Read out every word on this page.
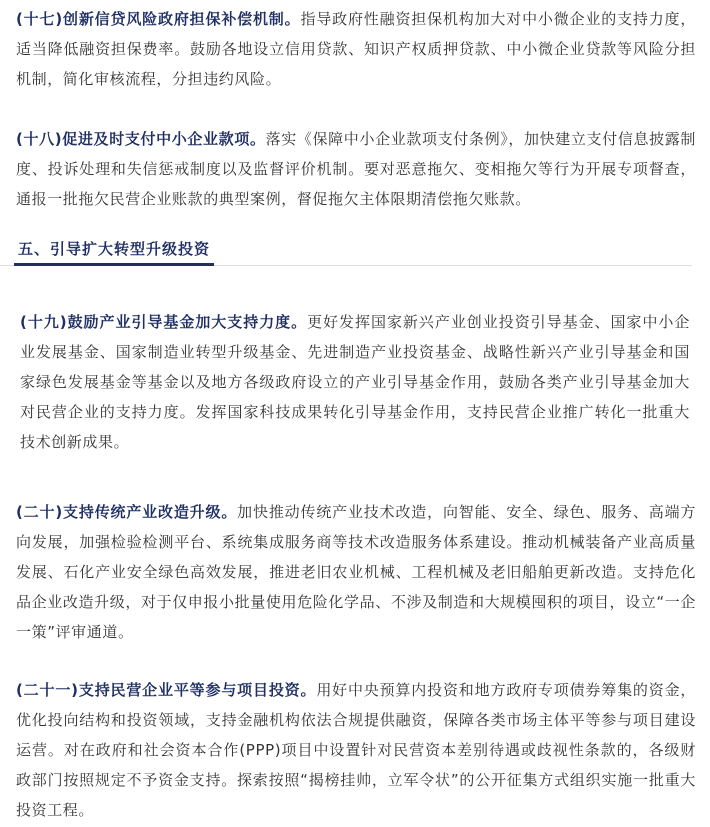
(十七)创新信贷风险政府担保补偿机制。指导政府性融资担保机构加大对中小微企业的支持力度，适当降低融资担保费率。鼓励各地设立信用贷款、知识产权质押贷款、中小微企业贷款等风险分担机制，简化审核流程，分担违约风险。

(十八)促进及时支付中小企业款项。落实《保障中小企业款项支付条例》，加快建立支付信息披露制度、投诉处理和失信惩戒制度以及监督评价机制。要对恶意拖欠、变相拖欠等行为开展专项督查，通报一批拖欠民营企业账款的典型案例，督促拖欠主体限期清偿拖欠账款。

五、引导扩大转型升级投资

(十九)鼓励产业引导基金加大支持力度。更好发挥国家新兴产业创业投资引导基金、国家中小企业发展基金、国家制造业转型升级基金、先进制造产业投资基金、战略性新兴产业引导基金和国家绿色发展基金等基金以及地方各级政府设立的产业引导基金作用，鼓励各类产业引导基金加大对民营企业的支持力度。发挥国家科技成果转化引导基金作用，支持民营企业推广转化一批重大技术创新成果。

(二十)支持传统产业改造升级。加快推动传统产业技术改造，向智能、安全、绿色、服务、高端方向发展，加强检验检测平台、系统集成服务商等技术改造服务体系建设。推动机械装备产业高质量发展、石化产业安全绿色高效发展，推进老旧农业机械、工程机械及老旧船舶更新改造。支持危化品企业改造升级，对于仅申报小批量使用危险化学品、不涉及制造和大规模囤积的项目，设立“一企一策”评审通道。

(二十一)支持民营企业平等参与项目投资。用好中央预算内投资和地方政府专项债券筹集的资金，优化投向结构和投资领域，支持金融机构依法合规提供融资，保障各类市场主体平等参与项目建设运营。对在政府和社会资本合作(PPP)项目中设置针对民营资本差别待遇或歧视性条款的，各级财政部门按照规定不予资金支持。探索按照“揭榜挂帅，立军令状”的公开征集方式组织实施一批重大投资工程。
